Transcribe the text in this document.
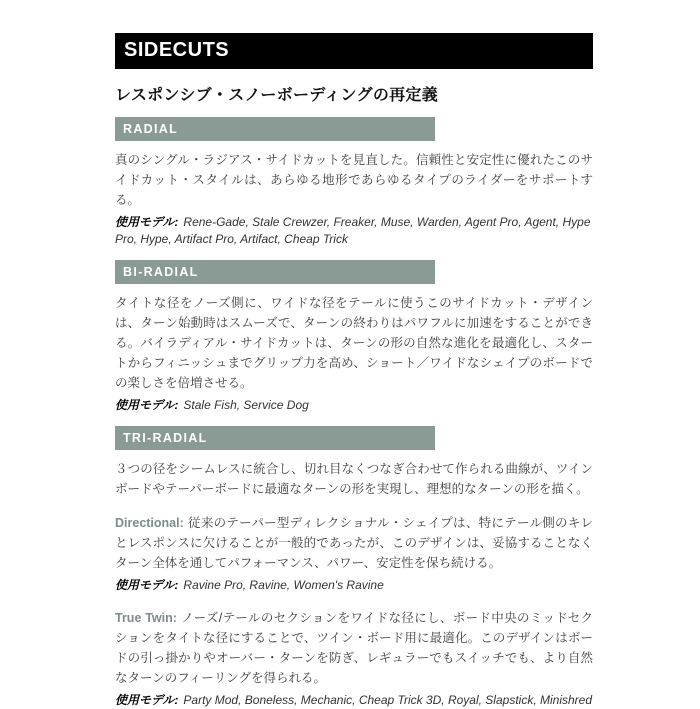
SIDECUTS
レスポンシブ・スノーボーディングの再定義
RADIAL

真のシングル・ラジアス・サイドカットを見直した。信頼性と安定性に優れたこのサイドカット・スタイルは、あらゆる地形であらゆるタイプのライダーをサポートする。

使用モデル: Rene-Gade, Stale Crewzer, Freaker, Muse, Warden, Agent Pro, Agent, Hype Pro, Hype, Artifact Pro, Artifact, Cheap Trick

BI-RADIAL

タイトな径をノーズ側に、ワイドな径をテールに使うこのサイドカット・デザインは、ターン始動時はスムーズで、ターンの終わりはパワフルに加速をすることができる。バイラディアル・サイドカットは、ターンの形の自然な進化を最適化し、スタートからフィニッシュまでグリップ力を高め、ショート／ワイドなシェイプのボードでの楽しさを倍増させる。

使用モデル: Stale Fish, Service Dog

TRI-RADIAL

３つの径をシームレスに統合し、切れ目なくつなぎ合わせて作られる曲線が、ツインボードやテーパーボードに最適なターンの形を実現し、理想的なターンの形を描く。

Directional: 従来のテーパー型ディレクショナル・シェイプは、特にテール側のキレとレスポンスに欠けることが一般的であったが、このデザインは、妥協することなくターン全体を通してパフォーマンス、パワー、安定性を保ち続ける。

使用モデル: Ravine Pro, Ravine, Women's Ravine

True Twin: ノーズ/テールのセクションをワイドな径にし、ボード中央のミッドセクションをタイトな径にすることで、ツイン・ボード用に最適化。このデザインはボードの引っ掛かりやオーバー・ターンを防ぎ、レギュラーでもスイッチでも、より自然なターンのフィーリングを得られる。

使用モデル: Party Mod, Boneless, Mechanic, Cheap Trick 3D, Royal, Slapstick, Minishred
